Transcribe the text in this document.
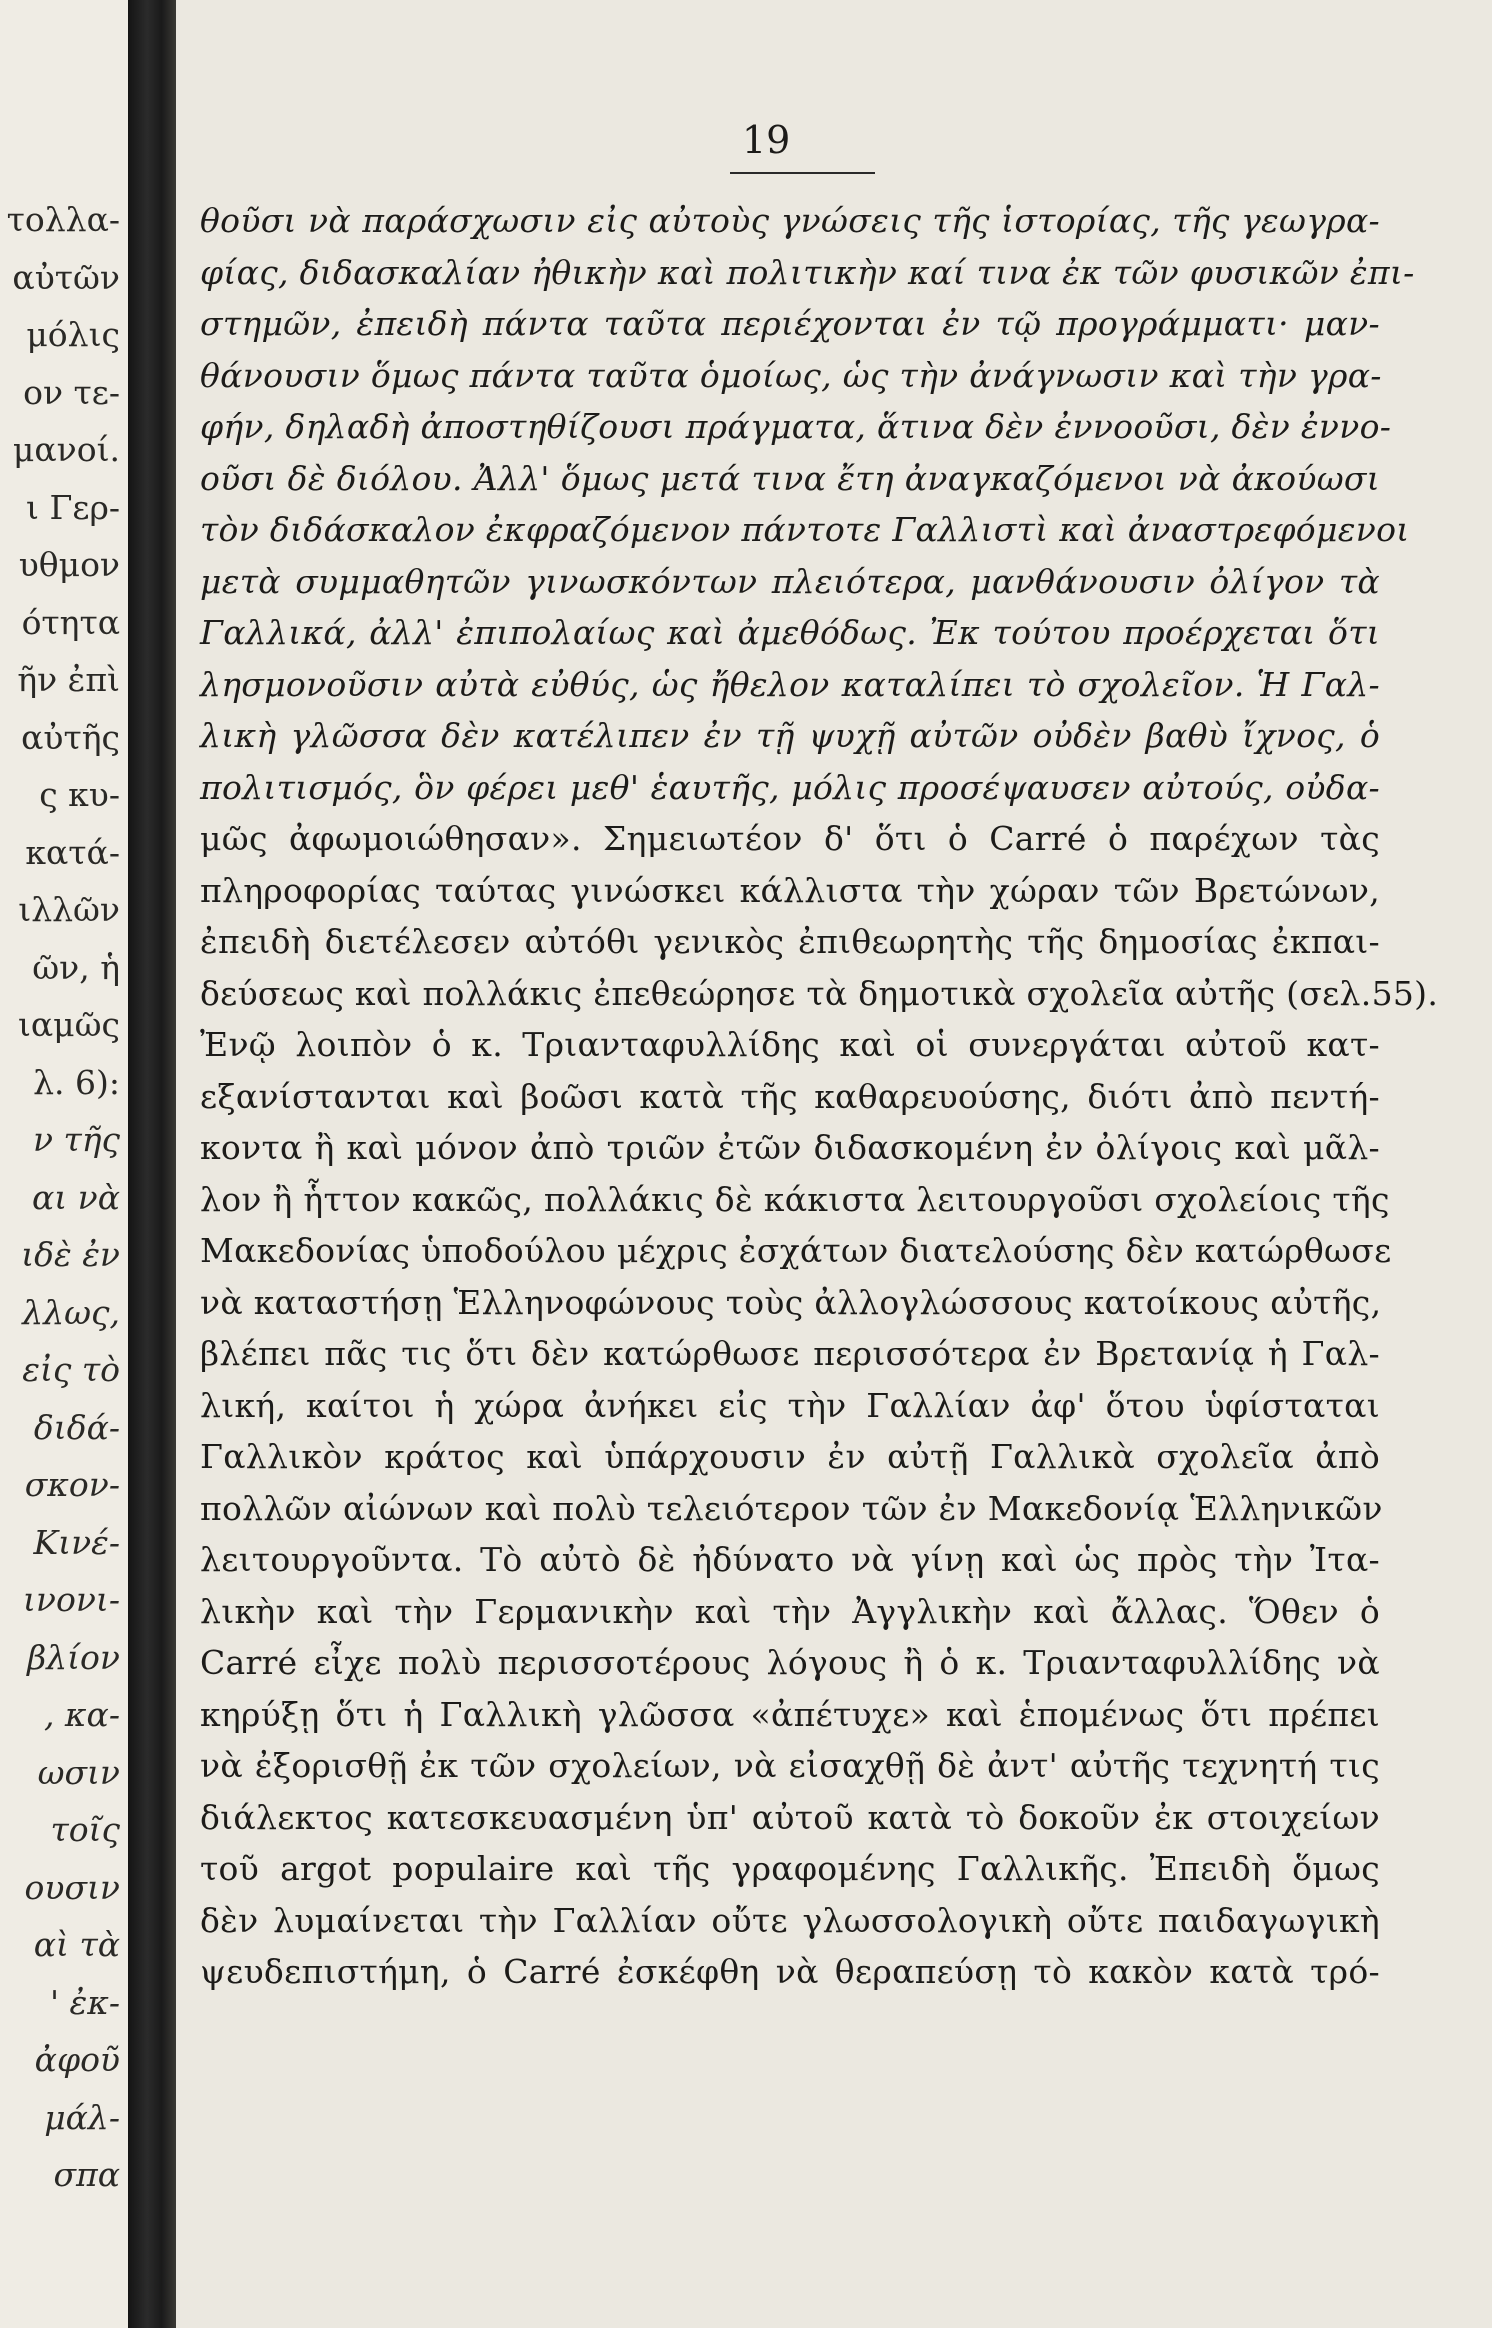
τολλα-
αὐτῶν
μόλις
ον τε-
μανοί.
ι Γερ-
υθμον
ότητα
ῆν ἐπὶ
αὐτῆς
ς κυ-
κατά-
ιλλῶν
ῶν, ἡ
ιαμῶς
λ. 6):
ν τῆς
αι νὰ
ιδὲ ἐν
λλως,
εἰς τὸ
διδά-
σκον-
Κινέ-
ινονι-
βλίον
, κα-
ωσιν
τοῖς
ουσιν
αὶ τὰ
' ἐκ-
ἀφοῦ
μάλ-
σπα
19
θοῦσι νὰ παράσχωσιν εἰς αὐτοὺς γνώσεις τῆς ἱστορίας, τῆς γεωγρα-
φίας, διδασκαλίαν ἠθικὴν καὶ πολιτικὴν καί τινα ἐκ τῶν φυσικῶν ἐπι-
στημῶν, ἐπειδὴ πάντα ταῦτα περιέχονται ἐν τῷ προγράμματι· μαν-
θάνουσιν ὅμως πάντα ταῦτα ὁμοίως, ὡς τὴν ἀνάγνωσιν καὶ τὴν γρα-
φήν, δηλαδὴ ἀποστηθίζουσι πράγματα, ἅτινα δὲν ἐννοοῦσι, δὲν ἐννο-
οῦσι δὲ διόλου. Ἀλλ' ὅμως μετά τινα ἔτη ἀναγκαζόμενοι νὰ ἀκούωσι
τὸν διδάσκαλον ἐκφραζόμενον πάντοτε Γαλλιστὶ καὶ ἀναστρεφόμενοι
μετὰ συμμαθητῶν γινωσκόντων πλειότερα, μανθάνουσιν ὀλίγον τὰ
Γαλλικά, ἀλλ' ἐπιπολαίως καὶ ἀμεθόδως. Ἐκ τούτου προέρχεται ὅτι
λησμονοῦσιν αὐτὰ εὐθύς, ὡς ἤθελον καταλίπει τὸ σχολεῖον. Ἡ Γαλ-
λικὴ γλῶσσα δὲν κατέλιπεν ἐν τῇ ψυχῇ αὐτῶν οὐδὲν βαθὺ ἴχνος, ὁ
πολιτισμός, ὃν φέρει μεθ' ἑαυτῆς, μόλις προσέψαυσεν αὐτούς, οὐδα-
μῶς ἀφωμοιώθησαν». Σημειωτέον δ' ὅτι ὁ Carré ὁ παρέχων τὰς
πληροφορίας ταύτας γινώσκει κάλλιστα τὴν χώραν τῶν Βρετώνων,
ἐπειδὴ διετέλεσεν αὐτόθι γενικὸς ἐπιθεωρητὴς τῆς δημοσίας ἐκπαι-
δεύσεως καὶ πολλάκις ἐπεθεώρησε τὰ δημοτικὰ σχολεῖα αὐτῆς (σελ.55).
Ἐνῷ λοιπὸν ὁ κ. Τριανταφυλλίδης καὶ οἱ συνεργάται αὐτοῦ κατ-
εξανίστανται καὶ βοῶσι κατὰ τῆς καθαρευούσης, διότι ἀπὸ πεντή-
κοντα ἢ καὶ μόνον ἀπὸ τριῶν ἐτῶν διδασκομένη ἐν ὀλίγοις καὶ μᾶλ-
λον ἢ ἧττον κακῶς, πολλάκις δὲ κάκιστα λειτουργοῦσι σχολείοις τῆς
Μακεδονίας ὑποδούλου μέχρις ἐσχάτων διατελούσης δὲν κατώρθωσε
νὰ καταστήσῃ Ἑλληνοφώνους τοὺς ἀλλογλώσσους κατοίκους αὐτῆς,
βλέπει πᾶς τις ὅτι δὲν κατώρθωσε περισσότερα ἐν Βρετανίᾳ ἡ Γαλ-
λική, καίτοι ἡ χώρα ἀνήκει εἰς τὴν Γαλλίαν ἀφ' ὅτου ὑφίσταται
Γαλλικὸν κράτος καὶ ὑπάρχουσιν ἐν αὐτῇ Γαλλικὰ σχολεῖα ἀπὸ
πολλῶν αἰώνων καὶ πολὺ τελειότερον τῶν ἐν Μακεδονίᾳ Ἑλληνικῶν
λειτουργοῦντα. Τὸ αὐτὸ δὲ ἠδύνατο νὰ γίνῃ καὶ ὡς πρὸς τὴν Ἰτα-
λικὴν καὶ τὴν Γερμανικὴν καὶ τὴν Ἀγγλικὴν καὶ ἄλλας. Ὅθεν ὁ
Carré εἶχε πολὺ περισσοτέρους λόγους ἢ ὁ κ. Τριανταφυλλίδης νὰ
κηρύξῃ ὅτι ἡ Γαλλικὴ γλῶσσα «ἀπέτυχε» καὶ ἑπομένως ὅτι πρέπει
νὰ ἐξορισθῇ ἐκ τῶν σχολείων, νὰ εἰσαχθῇ δὲ ἀντ' αὐτῆς τεχνητή τις
διάλεκτος κατεσκευασμένη ὑπ' αὐτοῦ κατὰ τὸ δοκοῦν ἐκ στοιχείων
τοῦ argot populaire καὶ τῆς γραφομένης Γαλλικῆς. Ἐπειδὴ ὅμως
δὲν λυμαίνεται τὴν Γαλλίαν οὔτε γλωσσολογικὴ οὔτε παιδαγωγικὴ
ψευδεπιστήμη, ὁ Carré ἐσκέφθη νὰ θεραπεύσῃ τὸ κακὸν κατὰ τρό-
